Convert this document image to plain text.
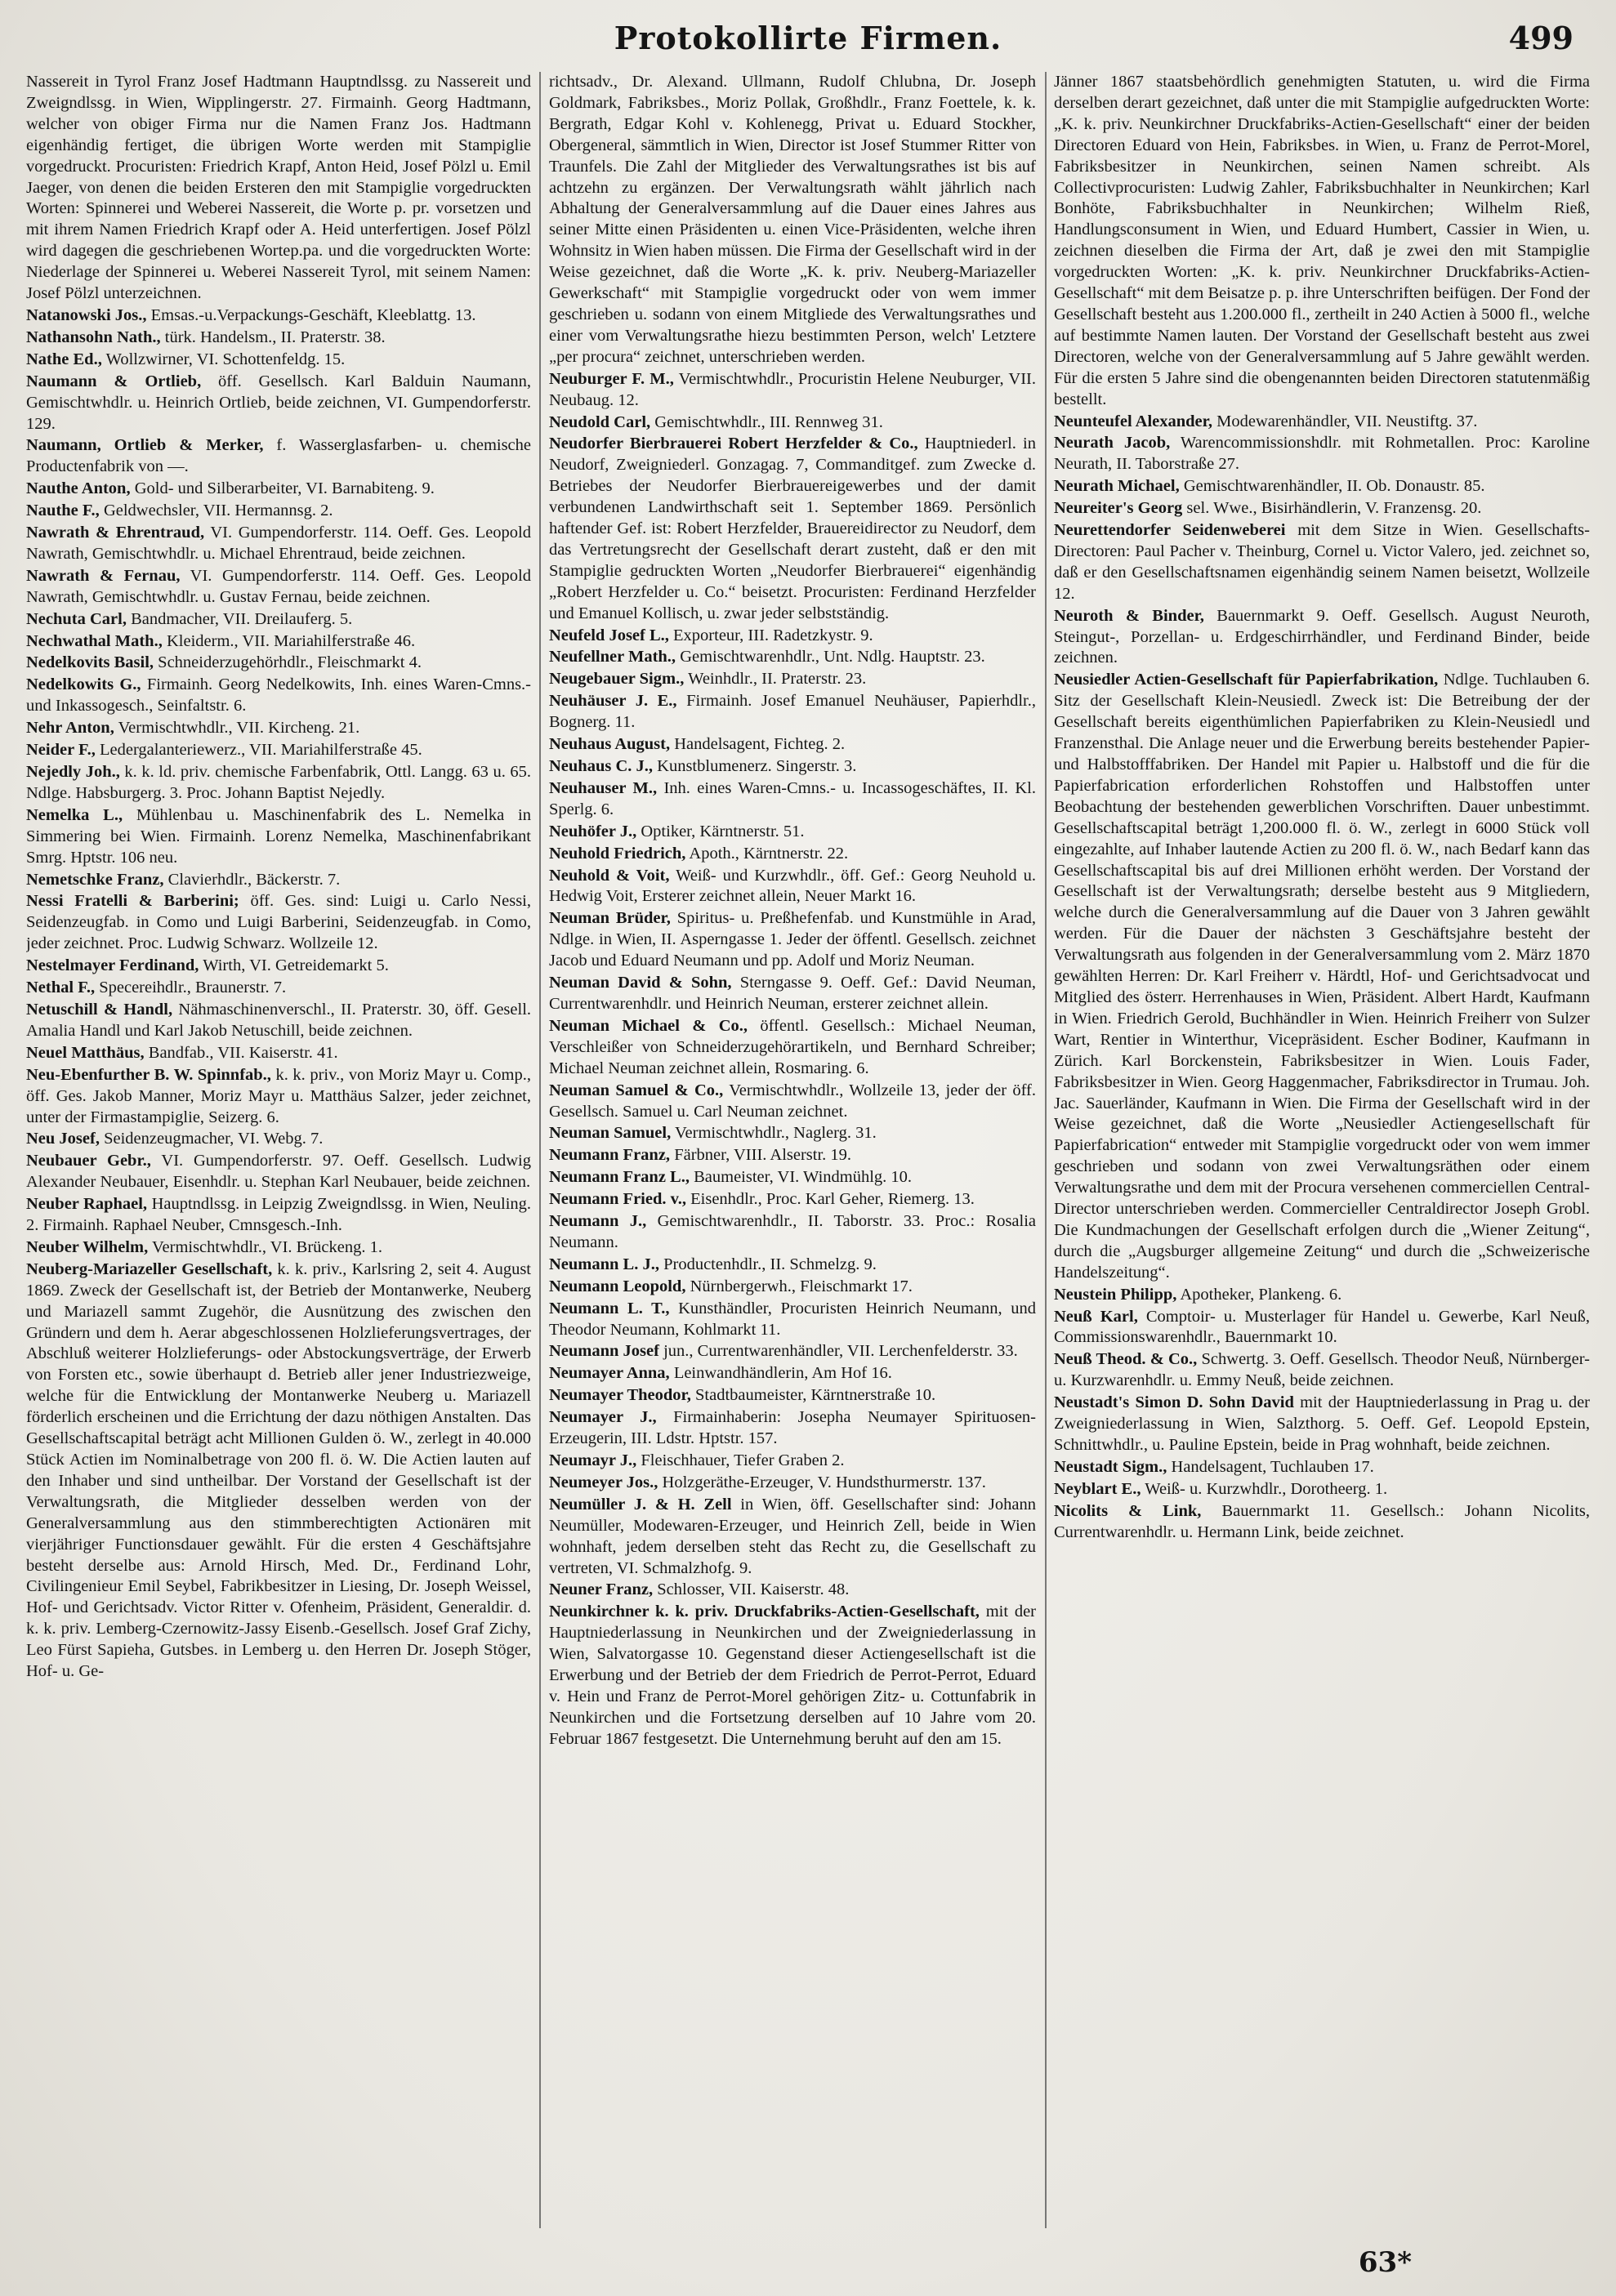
Protokollirte Firmen.	499

Nassereit in Tyrol Franz Josef Hadtmann Hauptndlssg. zu Nassereit und Zweigndlssg. in Wien, Wipplingerstr. 27. Firmainh. Georg Hadtmann, welcher von obiger Firma nur die Namen Franz Jos. Hadtmann eigenhändig fertiget, die übrigen Worte werden mit Stampiglie vorgedruckt. Procuristen: Friedrich Krapf, Anton Heid, Josef Pölzl u. Emil Jaeger, von denen die beiden Ersteren den mit Stampiglie vorgedruckten Worten: Spinnerei und Weberei Nassereit, die Worte p. pr. vorsetzen und mit ihrem Namen Friedrich Krapf oder A. Heid unterfertigen. Josef Pölzl wird dagegen die geschriebenen Wortep.pa. und die vorgedruckten Worte: Niederlage der Spinnerei u. Weberei Nassereit Tyrol, mit seinem Namen: Josef Pölzl unterzeichnen.

Natanowski Jos., Emsas.-u.Verpackungs-Geschäft, Kleeblattg. 13.

Nathansohn Nath., türk. Handelsm., II. Praterstr. 38.

Nathe Ed., Wollzwirner, VI. Schottenfeldg. 15.

Naumann & Ortlieb, öff. Gesellsch. Karl Balduin Naumann, Gemischtwhdlr. u. Heinrich Ortlieb, beide zeichnen, VI. Gumpendorferstr. 129.

Naumann, Ortlieb & Merker, f. Wasserglasfarben- u. chemische Productenfabrik von —.

Nauthe Anton, Gold- und Silberarbeiter, VI. Barnabiteng. 9.

Nauthe F., Geldwechsler, VII. Hermannsg. 2.

Nawrath & Ehrentraud, VI. Gumpendorferstr. 114. Oeff. Ges. Leopold Nawrath, Gemischtwhdlr. u. Michael Ehrentraud, beide zeichnen.

Nawrath & Fernau, VI. Gumpendorferstr. 114. Oeff. Ges. Leopold Nawrath, Gemischtwhdlr. u. Gustav Fernau, beide zeichnen.

Nechuta Carl, Bandmacher, VII. Dreilauferg. 5.

Nechwathal Math., Kleiderm., VII. Mariahilferstraße 46.

Nedelkovits Basil, Schneiderzugehörhdlr., Fleischmarkt 4.

Nedelkowits G., Firmainh. Georg Nedelkowits, Inh. eines Waren-Cmns.- und Inkassogesch., Seinfaltstr. 6.

Nehr Anton, Vermischtwhdlr., VII. Kircheng. 21.

Neider F., Ledergalanteriewerz., VII. Mariahilferstraße 45.

Nejedly Joh., k. k. ld. priv. chemische Farbenfabrik, Ottl. Langg. 63 u. 65. Ndlge. Habsburgerg. 3. Proc. Johann Baptist Nejedly.

Nemelka L., Mühlenbau u. Maschinenfabrik des L. Nemelka in Simmering bei Wien. Firmainh. Lorenz Nemelka, Maschinenfabrikant Smrg. Hptstr. 106 neu.

Nemetschke Franz, Clavierhdlr., Bäckerstr. 7.

Nessi Fratelli & Barberini; öff. Ges. sind: Luigi u. Carlo Nessi, Seidenzeugfab. in Como und Luigi Barberini, Seidenzeugfab. in Como, jeder zeichnet. Proc. Ludwig Schwarz. Wollzeile 12.

Nestelmayer Ferdinand, Wirth, VI. Getreidemarkt 5.

Nethal F., Specereihdlr., Braunerstr. 7.

Netuschill & Handl, Nähmaschinenverschl., II. Praterstr. 30, öff. Gesell. Amalia Handl und Karl Jakob Netuschill, beide zeichnen.

Neuel Matthäus, Bandfab., VII. Kaiserstr. 41.

Neu-Ebenfurther B. W. Spinnfab., k. k. priv., von Moriz Mayr u. Comp., öff. Ges. Jakob Manner, Moriz Mayr u. Matthäus Salzer, jeder zeichnet, unter der Firmastampiglie, Seizerg. 6.

Neu Josef, Seidenzeugmacher, VI. Webg. 7.

Neubauer Gebr., VI. Gumpendorferstr. 97. Oeff. Gesellsch. Ludwig Alexander Neubauer, Eisenhdlr. u. Stephan Karl Neubauer, beide zeichnen.

Neuber Raphael, Hauptndlssg. in Leipzig Zweigndlssg. in Wien, Neuling. 2. Firmainh. Raphael Neuber, Cmnsgesch.-Inh.

Neuber Wilhelm, Vermischtwhdlr., VI. Brückeng. 1.

Neuberg-Mariazeller Gesellschaft, k. k. priv., Karlsring 2, seit 4. August 1869. Zweck der Gesellschaft ist, der Betrieb der Montanwerke, Neuberg und Mariazell sammt Zugehör, die Ausnützung des zwischen den Gründern und dem h. Aerar abgeschlossenen Holzlieferungsvertrages, der Abschluß weiterer Holzlieferungs- oder Abstockungsverträge, der Erwerb von Forsten etc., sowie überhaupt d. Betrieb aller jener Industriezweige, welche für die Entwicklung der Montanwerke Neuberg u. Mariazell förderlich erscheinen und die Errichtung der dazu nöthigen Anstalten. Das Gesellschaftscapital beträgt acht Millionen Gulden ö. W., zerlegt in 40.000 Stück Actien im Nominalbetrage von 200 fl. ö. W. Die Actien lauten auf den Inhaber und sind untheilbar. Der Vorstand der Gesellschaft ist der Verwaltungsrath, die Mitglieder desselben werden von der Generalversammlung aus den stimmberechtigten Actionären mit vierjähriger Functionsdauer gewählt. Für die ersten 4 Geschäftsjahre besteht derselbe aus: Arnold Hirsch, Med. Dr., Ferdinand Lohr, Civilingenieur Emil Seybel, Fabrikbesitzer in Liesing, Dr. Joseph Weissel, Hof- und Gerichtsadv. Victor Ritter v. Ofenheim, Präsident, Generaldir. d. k. k. priv. Lemberg-Czernowitz-Jassy Eisenb.-Gesellsch. Josef Graf Zichy, Leo Fürst Sapieha, Gutsbes. in Lemberg u. den Herren Dr. Joseph Stöger, Hof- u. Ge-

richtsadv., Dr. Alexand. Ullmann, Rudolf Chlubna, Dr. Joseph Goldmark, Fabriksbes., Moriz Pollak, Großhdlr., Franz Foettele, k. k. Bergrath, Edgar Kohl v. Kohlenegg, Privat u. Eduard Stockher, Obergeneral, sämmtlich in Wien, Director ist Josef Stummer Ritter von Traunfels. Die Zahl der Mitglieder des Verwaltungsrathes ist bis auf achtzehn zu ergänzen. Der Verwaltungsrath wählt jährlich nach Abhaltung der Generalversammlung auf die Dauer eines Jahres aus seiner Mitte einen Präsidenten u. einen Vice-Präsidenten, welche ihren Wohnsitz in Wien haben müssen. Die Firma der Gesellschaft wird in der Weise gezeichnet, daß die Worte „K. k. priv. Neuberg-Mariazeller Gewerkschaft“ mit Stampiglie vorgedruckt oder von wem immer geschrieben u. sodann von einem Mitgliede des Verwaltungsrathes und einer vom Verwaltungsrathe hiezu bestimmten Person, welch' Letztere „per procura“ zeichnet, unterschrieben werden.

Neuburger F. M., Vermischtwhdlr., Procuristin Helene Neuburger, VII. Neubaug. 12.

Neudold Carl, Gemischtwhdlr., III. Rennweg 31.

Neudorfer Bierbrauerei Robert Herzfelder & Co., Hauptniederl. in Neudorf, Zweigniederl. Gonzagag. 7, Commanditgef. zum Zwecke d. Betriebes der Neudorfer Bierbrauereigewerbes und der damit verbundenen Landwirthschaft seit 1. September 1869. Persönlich haftender Gef. ist: Robert Herzfelder, Brauereidirector zu Neudorf, dem das Vertretungsrecht der Gesellschaft derart zusteht, daß er den mit Stampiglie gedruckten Worten „Neudorfer Bierbrauerei“ eigenhändig „Robert Herzfelder u. Co.“ beisetzt. Procuristen: Ferdinand Herzfelder und Emanuel Kollisch, u. zwar jeder selbstständig.

Neufeld Josef L., Exporteur, III. Radetzkystr. 9.

Neufellner Math., Gemischtwarenhdlr., Unt. Ndlg. Hauptstr. 23.

Neugebauer Sigm., Weinhdlr., II. Praterstr. 23.

Neuhäuser J. E., Firmainh. Josef Emanuel Neuhäuser, Papierhdlr., Bognerg. 11.

Neuhaus August, Handelsagent, Fichteg. 2.

Neuhaus C. J., Kunstblumenerz. Singerstr. 3.

Neuhauser M., Inh. eines Waren-Cmns.- u. Incassogeschäftes, II. Kl. Sperlg. 6.

Neuhöfer J., Optiker, Kärntnerstr. 51.

Neuhold Friedrich, Apoth., Kärntnerstr. 22.

Neuhold & Voit, Weiß- und Kurzwhdlr., öff. Gef.: Georg Neuhold u. Hedwig Voit, Ersterer zeichnet allein, Neuer Markt 16.

Neuman Brüder, Spiritus- u. Preßhefenfab. und Kunstmühle in Arad, Ndlge. in Wien, II. Asperngasse 1. Jeder der öffentl. Gesellsch. zeichnet Jacob und Eduard Neumann und pp. Adolf und Moriz Neuman.

Neuman David & Sohn, Sterngasse 9. Oeff. Gef.: David Neuman, Currentwarenhdlr. und Heinrich Neuman, ersterer zeichnet allein.

Neuman Michael & Co., öffentl. Gesellsch.: Michael Neuman, Verschleißer von Schneiderzugehörartikeln, und Bernhard Schreiber; Michael Neuman zeichnet allein, Rosmaring. 6.

Neuman Samuel & Co., Vermischtwhdlr., Wollzeile 13, jeder der öff. Gesellsch. Samuel u. Carl Neuman zeichnet.

Neuman Samuel, Vermischtwhdlr., Naglerg. 31.

Neumann Franz, Färbner, VIII. Alserstr. 19.

Neumann Franz L., Baumeister, VI. Windmühlg. 10.

Neumann Fried. v., Eisenhdlr., Proc. Karl Geher, Riemerg. 13.

Neumann J., Gemischtwarenhdlr., II. Taborstr. 33. Proc.: Rosalia Neumann.

Neumann L. J., Productenhdlr., II. Schmelzg. 9.

Neumann Leopold, Nürnbergerwh., Fleischmarkt 17.

Neumann L. T., Kunsthändler, Procuristen Heinrich Neumann, und Theodor Neumann, Kohlmarkt 11.

Neumann Josef jun., Currentwarenhändler, VII. Lerchenfelderstr. 33.

Neumayer Anna, Leinwandhändlerin, Am Hof 16.

Neumayer Theodor, Stadtbaumeister, Kärntnerstraße 10.

Neumayer J., Firmainhaberin: Josepha Neumayer Spirituosen-Erzeugerin, III. Ldstr. Hptstr. 157.

Neumayr J., Fleischhauer, Tiefer Graben 2.

Neumeyer Jos., Holzgeräthe-Erzeuger, V. Hundsthurmerstr. 137.

Neumüller J. & H. Zell in Wien, öff. Gesellschafter sind: Johann Neumüller, Modewaren-Erzeuger, und Heinrich Zell, beide in Wien wohnhaft, jedem derselben steht das Recht zu, die Gesellschaft zu vertreten, VI. Schmalzhofg. 9.

Neuner Franz, Schlosser, VII. Kaiserstr. 48.

Neunkirchner k. k. priv. Druckfabriks-Actien-Gesellschaft, mit der Hauptniederlassung in Neunkirchen und der Zweigniederlassung in Wien, Salvatorgasse 10. Gegenstand dieser Actiengesellschaft ist die Erwerbung und der Betrieb der dem Friedrich de Perrot-Perrot, Eduard v. Hein und Franz de Perrot-Morel gehörigen Zitz- u. Cottunfabrik in Neunkirchen und die Fortsetzung derselben auf 10 Jahre vom 20. Februar 1867 festgesetzt. Die Unternehmung beruht auf den am 15.

Jänner 1867 staatsbehördlich genehmigten Statuten, u. wird die Firma derselben derart gezeichnet, daß unter die mit Stampiglie aufgedruckten Worte: „K. k. priv. Neunkirchner Druckfabriks-Actien-Gesellschaft“ einer der beiden Directoren Eduard von Hein, Fabriksbes. in Wien, u. Franz de Perrot-Morel, Fabriksbesitzer in Neunkirchen, seinen Namen schreibt. Als Collectivprocuristen: Ludwig Zahler, Fabriksbuchhalter in Neunkirchen; Karl Bonhöte, Fabriksbuchhalter in Neunkirchen; Wilhelm Rieß, Handlungsconsument in Wien, und Eduard Humbert, Cassier in Wien, u. zeichnen dieselben die Firma der Art, daß je zwei den mit Stampiglie vorgedruckten Worten: „K. k. priv. Neunkirchner Druckfabriks-Actien-Gesellschaft“ mit dem Beisatze p. p. ihre Unterschriften beifügen. Der Fond der Gesellschaft besteht aus 1.200.000 fl., zertheilt in 240 Actien à 5000 fl., welche auf bestimmte Namen lauten. Der Vorstand der Gesellschaft besteht aus zwei Directoren, welche von der Generalversammlung auf 5 Jahre gewählt werden. Für die ersten 5 Jahre sind die obengenannten beiden Directoren statutenmäßig bestellt.

Neunteufel Alexander, Modewarenhändler, VII. Neustiftg. 37.

Neurath Jacob, Warencommissionshdlr. mit Rohmetallen. Proc: Karoline Neurath, II. Taborstraße 27.

Neurath Michael, Gemischtwarenhändler, II. Ob. Donaustr. 85.

Neureiter's Georg sel. Wwe., Bisirhändlerin, V. Franzensg. 20.

Neurettendorfer Seidenweberei mit dem Sitze in Wien. Gesellschafts-Directoren: Paul Pacher v. Theinburg, Cornel u. Victor Valero, jed. zeichnet so, daß er den Gesellschaftsnamen eigenhändig seinem Namen beisetzt, Wollzeile 12.

Neuroth & Binder, Bauernmarkt 9. Oeff. Gesellsch. August Neuroth, Steingut-, Porzellan- u. Erdgeschirrhändler, und Ferdinand Binder, beide zeichnen.

Neusiedler Actien-Gesellschaft für Papierfabrikation, Ndlge. Tuchlauben 6. Sitz der Gesellschaft Klein-Neusiedl. Zweck ist: Die Betreibung der der Gesellschaft bereits eigenthümlichen Papierfabriken zu Klein-Neusiedl und Franzensthal. Die Anlage neuer und die Erwerbung bereits bestehender Papier- und Halbstofffabriken. Der Handel mit Papier u. Halbstoff und die für die Papierfabrication erforderlichen Rohstoffen und Halbstoffen unter Beobachtung der bestehenden gewerblichen Vorschriften. Dauer unbestimmt. Gesellschaftscapital beträgt 1,200.000 fl. ö. W., zerlegt in 6000 Stück voll eingezahlte, auf Inhaber lautende Actien zu 200 fl. ö. W., nach Bedarf kann das Gesellschaftscapital bis auf drei Millionen erhöht werden. Der Vorstand der Gesellschaft ist der Verwaltungsrath; derselbe besteht aus 9 Mitgliedern, welche durch die Generalversammlung auf die Dauer von 3 Jahren gewählt werden. Für die Dauer der nächsten 3 Geschäftsjahre besteht der Verwaltungsrath aus folgenden in der Generalversammlung vom 2. März 1870 gewählten Herren: Dr. Karl Freiherr v. Härdtl, Hof- und Gerichtsadvocat und Mitglied des österr. Herrenhauses in Wien, Präsident. Albert Hardt, Kaufmann in Wien. Friedrich Gerold, Buchhändler in Wien. Heinrich Freiherr von Sulzer Wart, Rentier in Winterthur, Vicepräsident. Escher Bodiner, Kaufmann in Zürich. Karl Borckenstein, Fabriksbesitzer in Wien. Louis Fader, Fabriksbesitzer in Wien. Georg Haggenmacher, Fabriksdirector in Trumau. Joh. Jac. Sauerländer, Kaufmann in Wien. Die Firma der Gesellschaft wird in der Weise gezeichnet, daß die Worte „Neusiedler Actiengesellschaft für Papierfabrication“ entweder mit Stampiglie vorgedruckt oder von wem immer geschrieben und sodann von zwei Verwaltungsräthen oder einem Verwaltungsrathe und dem mit der Procura versehenen commerciellen Central-Director unterschrieben werden. Commercieller Centraldirector Joseph Grobl. Die Kundmachungen der Gesellschaft erfolgen durch die „Wiener Zeitung“, durch die „Augsburger allgemeine Zeitung“ und durch die „Schweizerische Handelszeitung“.

Neustein Philipp, Apotheker, Plankeng. 6.

Neuß Karl, Comptoir- u. Musterlager für Handel u. Gewerbe, Karl Neuß, Commissionswarenhdlr., Bauernmarkt 10.

Neuß Theod. & Co., Schwertg. 3. Oeff. Gesellsch. Theodor Neuß, Nürnberger- u. Kurzwarenhdlr. u. Emmy Neuß, beide zeichnen.

Neustadt's Simon D. Sohn David mit der Hauptniederlassung in Prag u. der Zweigniederlassung in Wien, Salzthorg. 5. Oeff. Gef. Leopold Epstein, Schnittwhdlr., u. Pauline Epstein, beide in Prag wohnhaft, beide zeichnen.

Neustadt Sigm., Handelsagent, Tuchlauben 17.

Neyblart E., Weiß- u. Kurzwhdlr., Dorotheerg. 1.

Nicolits & Link, Bauernmarkt 11. Gesellsch.: Johann Nicolits, Currentwarenhdlr. u. Hermann Link, beide zeichnet.

63*
